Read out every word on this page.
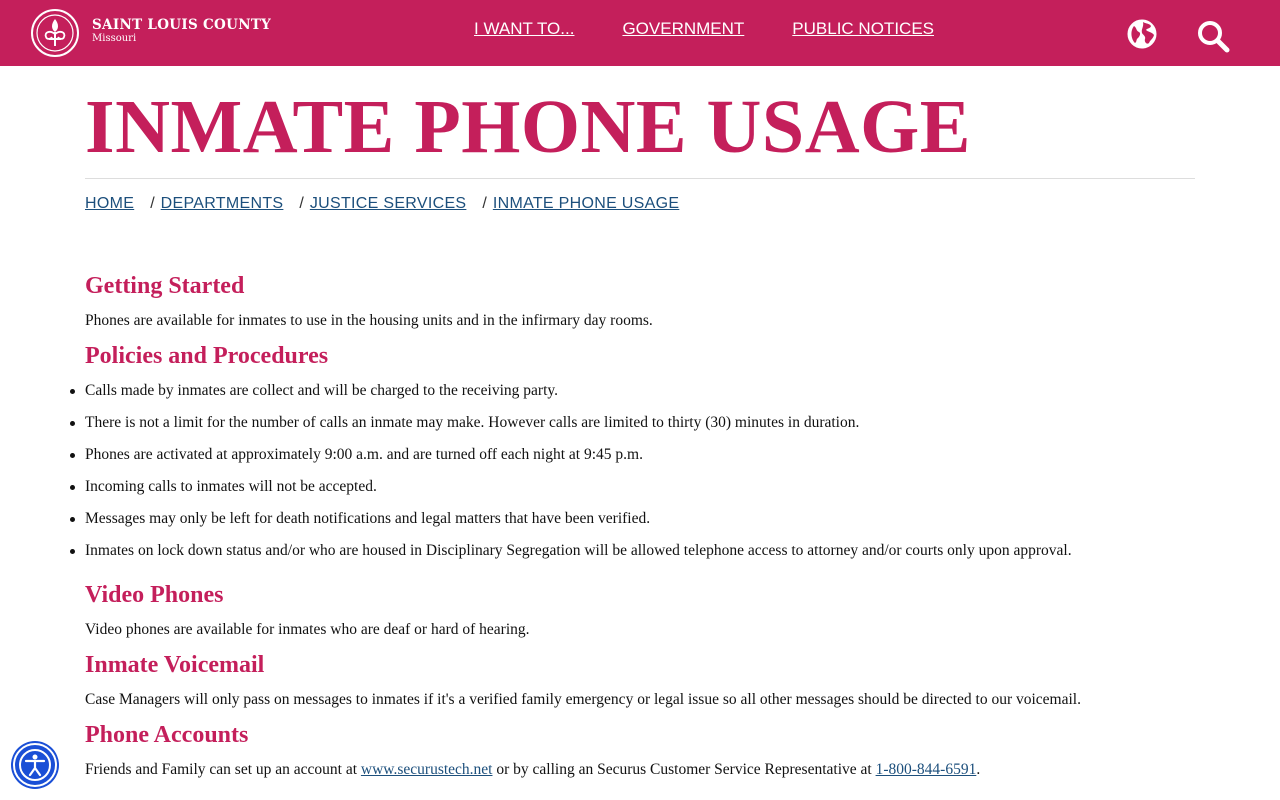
SAINT LOUIS COUNTY
Missouri
I WANT TO...	GOVERNMENT	PUBLIC NOTICES
INMATE PHONE USAGE
HOME / DEPARTMENTS / JUSTICE SERVICES / INMATE PHONE USAGE
Getting Started

Phones are available for inmates to use in the housing units and in the infirmary day rooms.

Policies and Procedures
Calls made by inmates are collect and will be charged to the receiving party.
There is not a limit for the number of calls an inmate may make. However calls are limited to thirty (30) minutes in duration.
Phones are activated at approximately 9:00 a.m. and are turned off each night at 9:45 p.m.
Incoming calls to inmates will not be accepted.
Messages may only be left for death notifications and legal matters that have been verified.
Inmates on lock down status and/or who are housed in Disciplinary Segregation will be allowed telephone access to attorney and/or courts only upon approval.
Video Phones

Video phones are available for inmates who are deaf or hard of hearing.

Inmate Voicemail

Case Managers will only pass on messages to inmates if it's a verified family emergency or legal issue so all other messages should be directed to our voicemail.

Phone Accounts

Friends and Family can set up an account at www.securustech.net or by calling an Securus Customer Service Representative at 1-800-844-6591.
